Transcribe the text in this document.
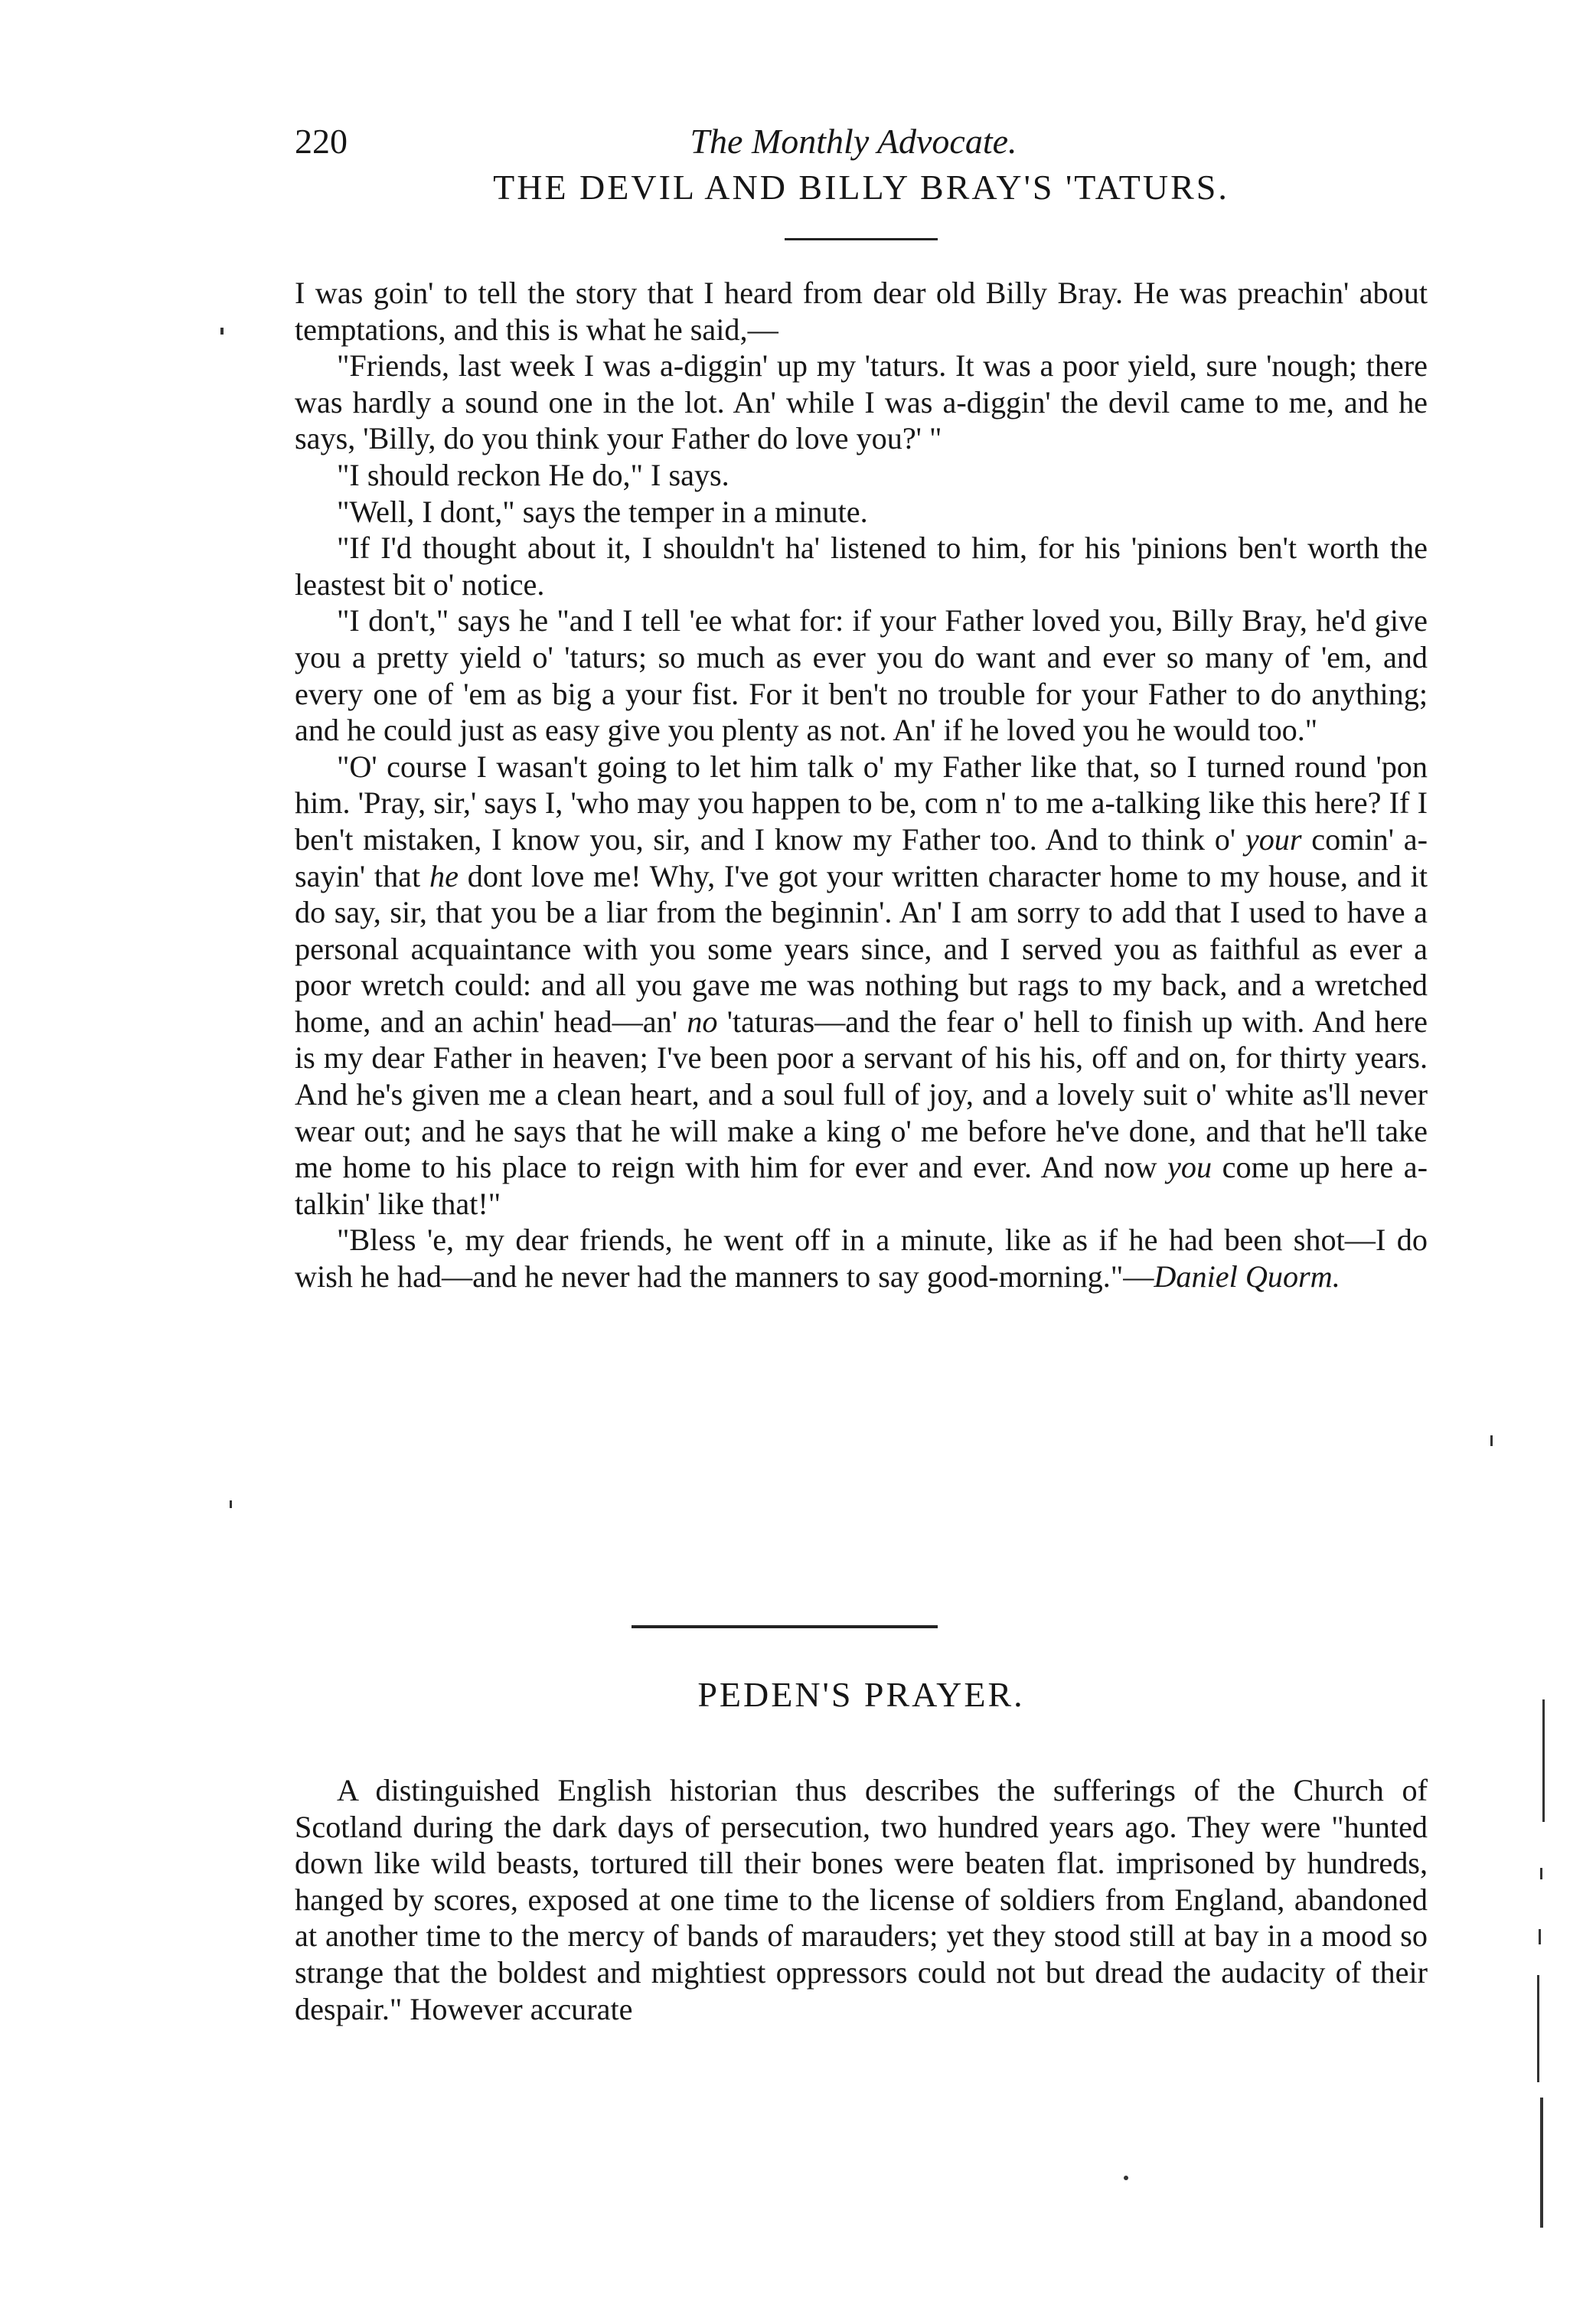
220	The Monthly Advocate.
THE DEVIL AND BILLY BRAY'S 'TATURS.

I was goin' to tell the story that I heard from dear old Billy Bray. He was preachin' about temptations, and this is what he said,—

"Friends, last week I was a-diggin' up my 'taturs. It was a poor yield, sure 'nough; there was hardly a sound one in the lot. An' while I was a-diggin' the devil came to me, and he says, 'Billy, do you think your Father do love you?' "

"I should reckon He do," I says.

"Well, I dont," says the temper in a minute.

"If I'd thought about it, I shouldn't ha' listened to him, for his 'pinions ben't worth the leastest bit o' notice.

"I don't," says he "and I tell 'ee what for: if your Father loved you, Billy Bray, he'd give you a pretty yield o' 'taturs; so much as ever you do want and ever so many of 'em, and every one of 'em as big a your fist. For it ben't no trouble for your Father to do anything; and he could just as easy give you plenty as not. An' if he loved you he would too."

"O' course I wasan't going to let him talk o' my Father like that, so I turned round 'pon him. 'Pray, sir,' says I, 'who may you happen to be, com n' to me a-talking like this here? If I ben't mistaken, I know you, sir, and I know my Father too. And to think o' your comin' a-sayin' that he dont love me! Why, I've got your written character home to my house, and it do say, sir, that you be a liar from the beginnin'. An' I am sorry to add that I used to have a personal acquaintance with you some years since, and I served you as faithful as ever a poor wretch could: and all you gave me was nothing but rags to my back, and a wretched home, and an achin' head—an' no 'taturas—and the fear o' hell to finish up with. And here is my dear Father in heaven; I've been poor a servant of his his, off and on, for thirty years. And he's given me a clean heart, and a soul full of joy, and a lovely suit o' white as'll never wear out; and he says that he will make a king o' me before he've done, and that he'll take me home to his place to reign with him for ever and ever. And now you come up here a-talkin' like that!"

"Bless 'e, my dear friends, he went off in a minute, like as if he had been shot—I do wish he had—and he never had the manners to say good-morning."—Daniel Quorm.

PEDEN'S PRAYER.

A distinguished English historian thus describes the sufferings of the Church of Scotland during the dark days of persecution, two hundred years ago. They were "hunted down like wild beasts, tortured till their bones were beaten flat. imprisoned by hundreds, hanged by scores, exposed at one time to the license of soldiers from England, abandoned at another time to the mercy of bands of marauders; yet they stood still at bay in a mood so strange that the boldest and mightiest oppressors could not but dread the audacity of their despair." However accurate
